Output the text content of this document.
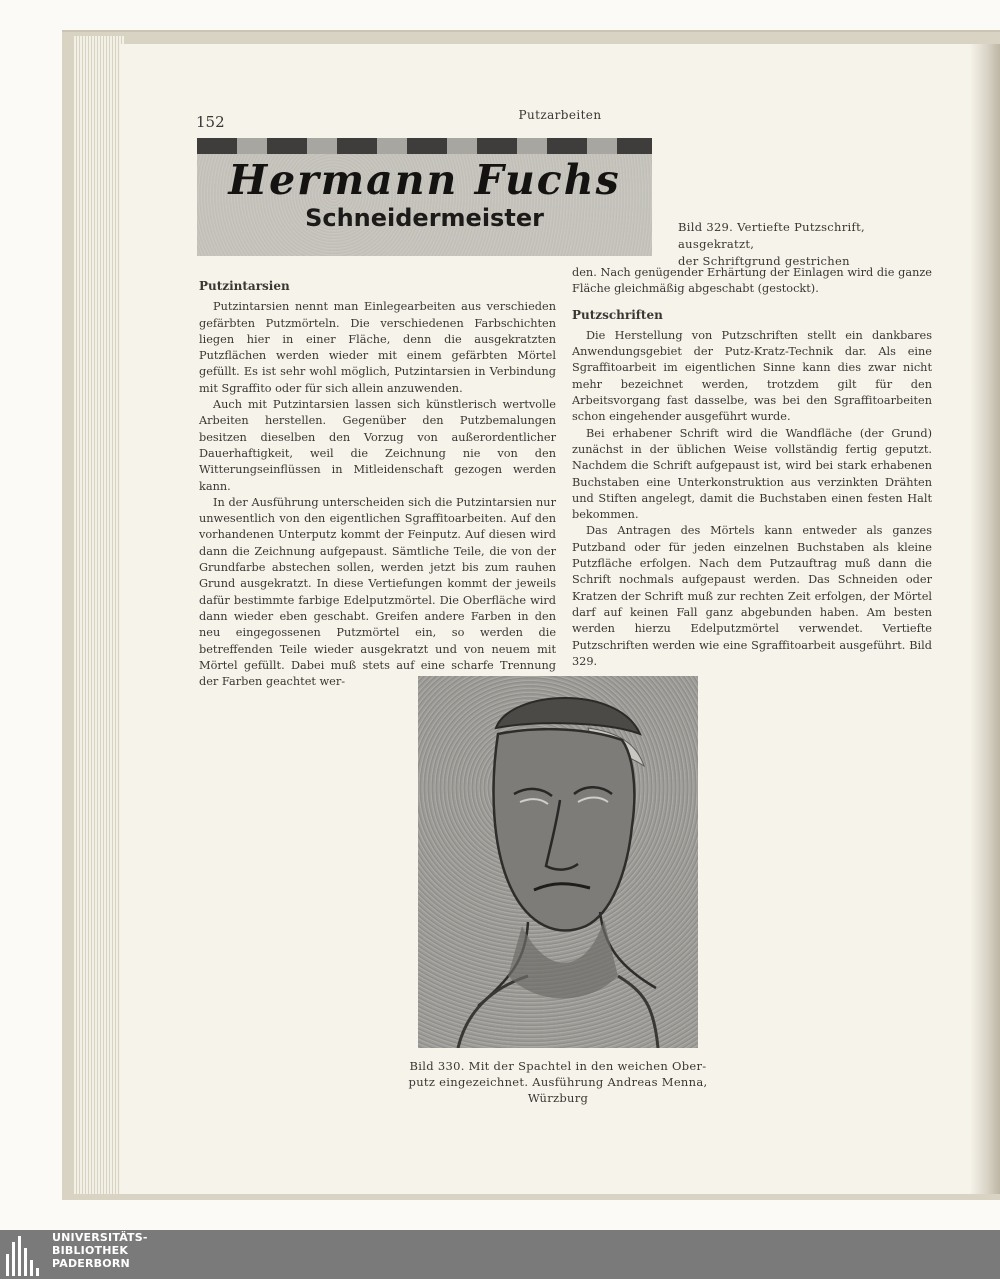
152	Putzarbeiten
Hermann Fuchs
Schneidermeister	Bild 329. Vertiefte Putzschrift, ausgekratzt,
der Schriftgrund gestrichen
Putzintarsien

Putzintarsien nennt man Einlegearbeiten aus verschieden gefärbten Putzmörteln. Die verschiedenen Farbschichten liegen hier in einer Fläche, denn die ausgekratzten Putzflächen werden wieder mit einem gefärbten Mörtel gefüllt. Es ist sehr wohl möglich, Putzintarsien in Verbindung mit Sgraffito oder für sich allein anzuwenden.

Auch mit Putzintarsien lassen sich künstlerisch wertvolle Arbeiten herstellen. Gegenüber den Putzbemalungen besitzen dieselben den Vorzug von außerordentlicher Dauerhaftigkeit, weil die Zeichnung nie von den Witterungseinflüssen in Mitleidenschaft gezogen werden kann.

In der Ausführung unterscheiden sich die Putzintarsien nur unwesentlich von den eigentlichen Sgraffitoarbeiten. Auf den vorhandenen Unterputz kommt der Feinputz. Auf diesen wird dann die Zeichnung aufgepaust. Sämtliche Teile, die von der Grundfarbe abstechen sollen, werden jetzt bis zum rauhen Grund ausgekratzt. In diese Vertiefungen kommt der jeweils dafür bestimmte farbige Edelputzmörtel. Die Oberfläche wird dann wieder eben geschabt. Greifen andere Farben in den neu eingegossenen Putzmörtel ein, so werden die betreffenden Teile wieder ausgekratzt und von neuem mit Mörtel gefüllt. Dabei muß stets auf eine scharfe Trennung der Farben geachtet wer-

den. Nach genügender Erhärtung der Einlagen wird die ganze Fläche gleichmäßig abgeschabt (gestockt).

Putzschriften

Die Herstellung von Putzschriften stellt ein dankbares Anwendungsgebiet der Putz-Kratz-Technik dar. Als eine Sgraffitoarbeit im eigentlichen Sinne kann dies zwar nicht mehr bezeichnet werden, trotzdem gilt für den Arbeitsvorgang fast dasselbe, was bei den Sgraffitoarbeiten schon eingehender ausgeführt wurde.

Bei erhabener Schrift wird die Wandfläche (der Grund) zunächst in der üblichen Weise vollständig fertig geputzt. Nachdem die Schrift aufgepaust ist, wird bei stark erhabenen Buchstaben eine Unterkonstruktion aus verzinkten Drähten und Stiften angelegt, damit die Buchstaben einen festen Halt bekommen.

Das Antragen des Mörtels kann entweder als ganzes Putzband oder für jeden einzelnen Buchstaben als kleine Putzfläche erfolgen. Nach dem Putzauftrag muß dann die Schrift nochmals aufgepaust werden. Das Schneiden oder Kratzen der Schrift muß zur rechten Zeit erfolgen, der Mörtel darf auf keinen Fall ganz abgebunden haben. Am besten werden hierzu Edelputzmörtel verwendet. Vertiefte Putzschriften werden wie eine Sgraffitoarbeit ausgeführt. Bild 329.

Bild 330. Mit der Spachtel in den weichen Ober-
putz eingezeichnet. Ausführung Andreas Menna,
Würzburg
UNIVERSITÄTS-
BIBLIOTHEK
PADERBORN
